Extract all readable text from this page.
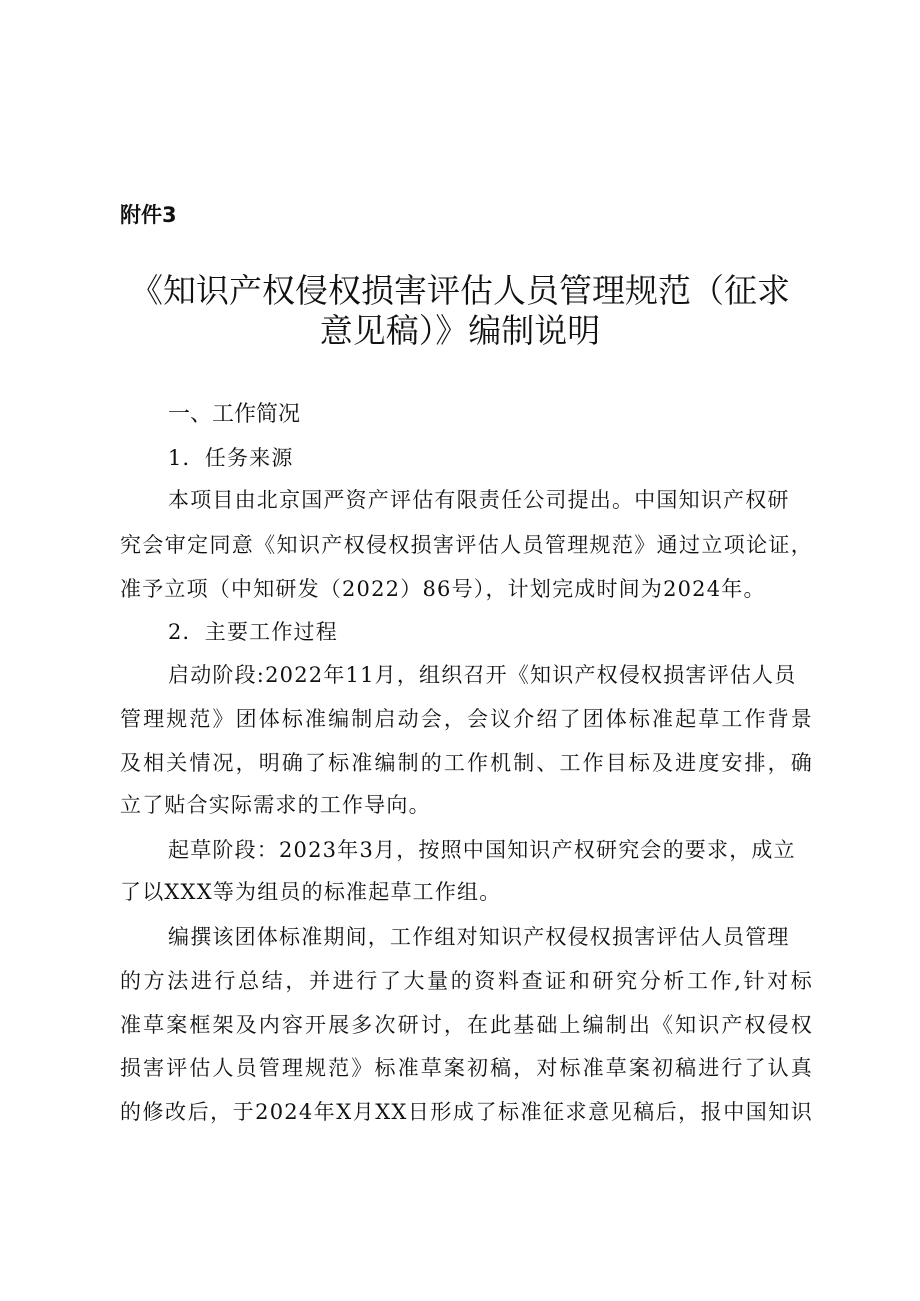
附件3
《知识产权侵权损害评估人员管理规范（征求
意见稿）》编制说明
一、工作简况
1．任务来源
本项目由北京国严资产评估有限责任公司提出。中国知识产权研
究会审定同意《知识产权侵权损害评估人员管理规范》通过立项论证，
准予立项（中知研发（2022）86号），计划完成时间为2024年。
2．主要工作过程
启动阶段:2022年11月，组织召开《知识产权侵权损害评估人员
管理规范》团体标准编制启动会，会议介绍了团体标准起草工作背景
及相关情况，明确了标准编制的工作机制、工作目标及进度安排，确
立了贴合实际需求的工作导向。
起草阶段：2023年3月，按照中国知识产权研究会的要求，成立
了以XXX等为组员的标准起草工作组。
编撰该团体标准期间，工作组对知识产权侵权损害评估人员管理
的方法进行总结，并进行了大量的资料查证和研究分析工作,针对标
准草案框架及内容开展多次研讨，在此基础上编制出《知识产权侵权
损害评估人员管理规范》标准草案初稿，对标准草案初稿进行了认真
的修改后，于2024年X月XX日形成了标准征求意见稿后，报中国知识
